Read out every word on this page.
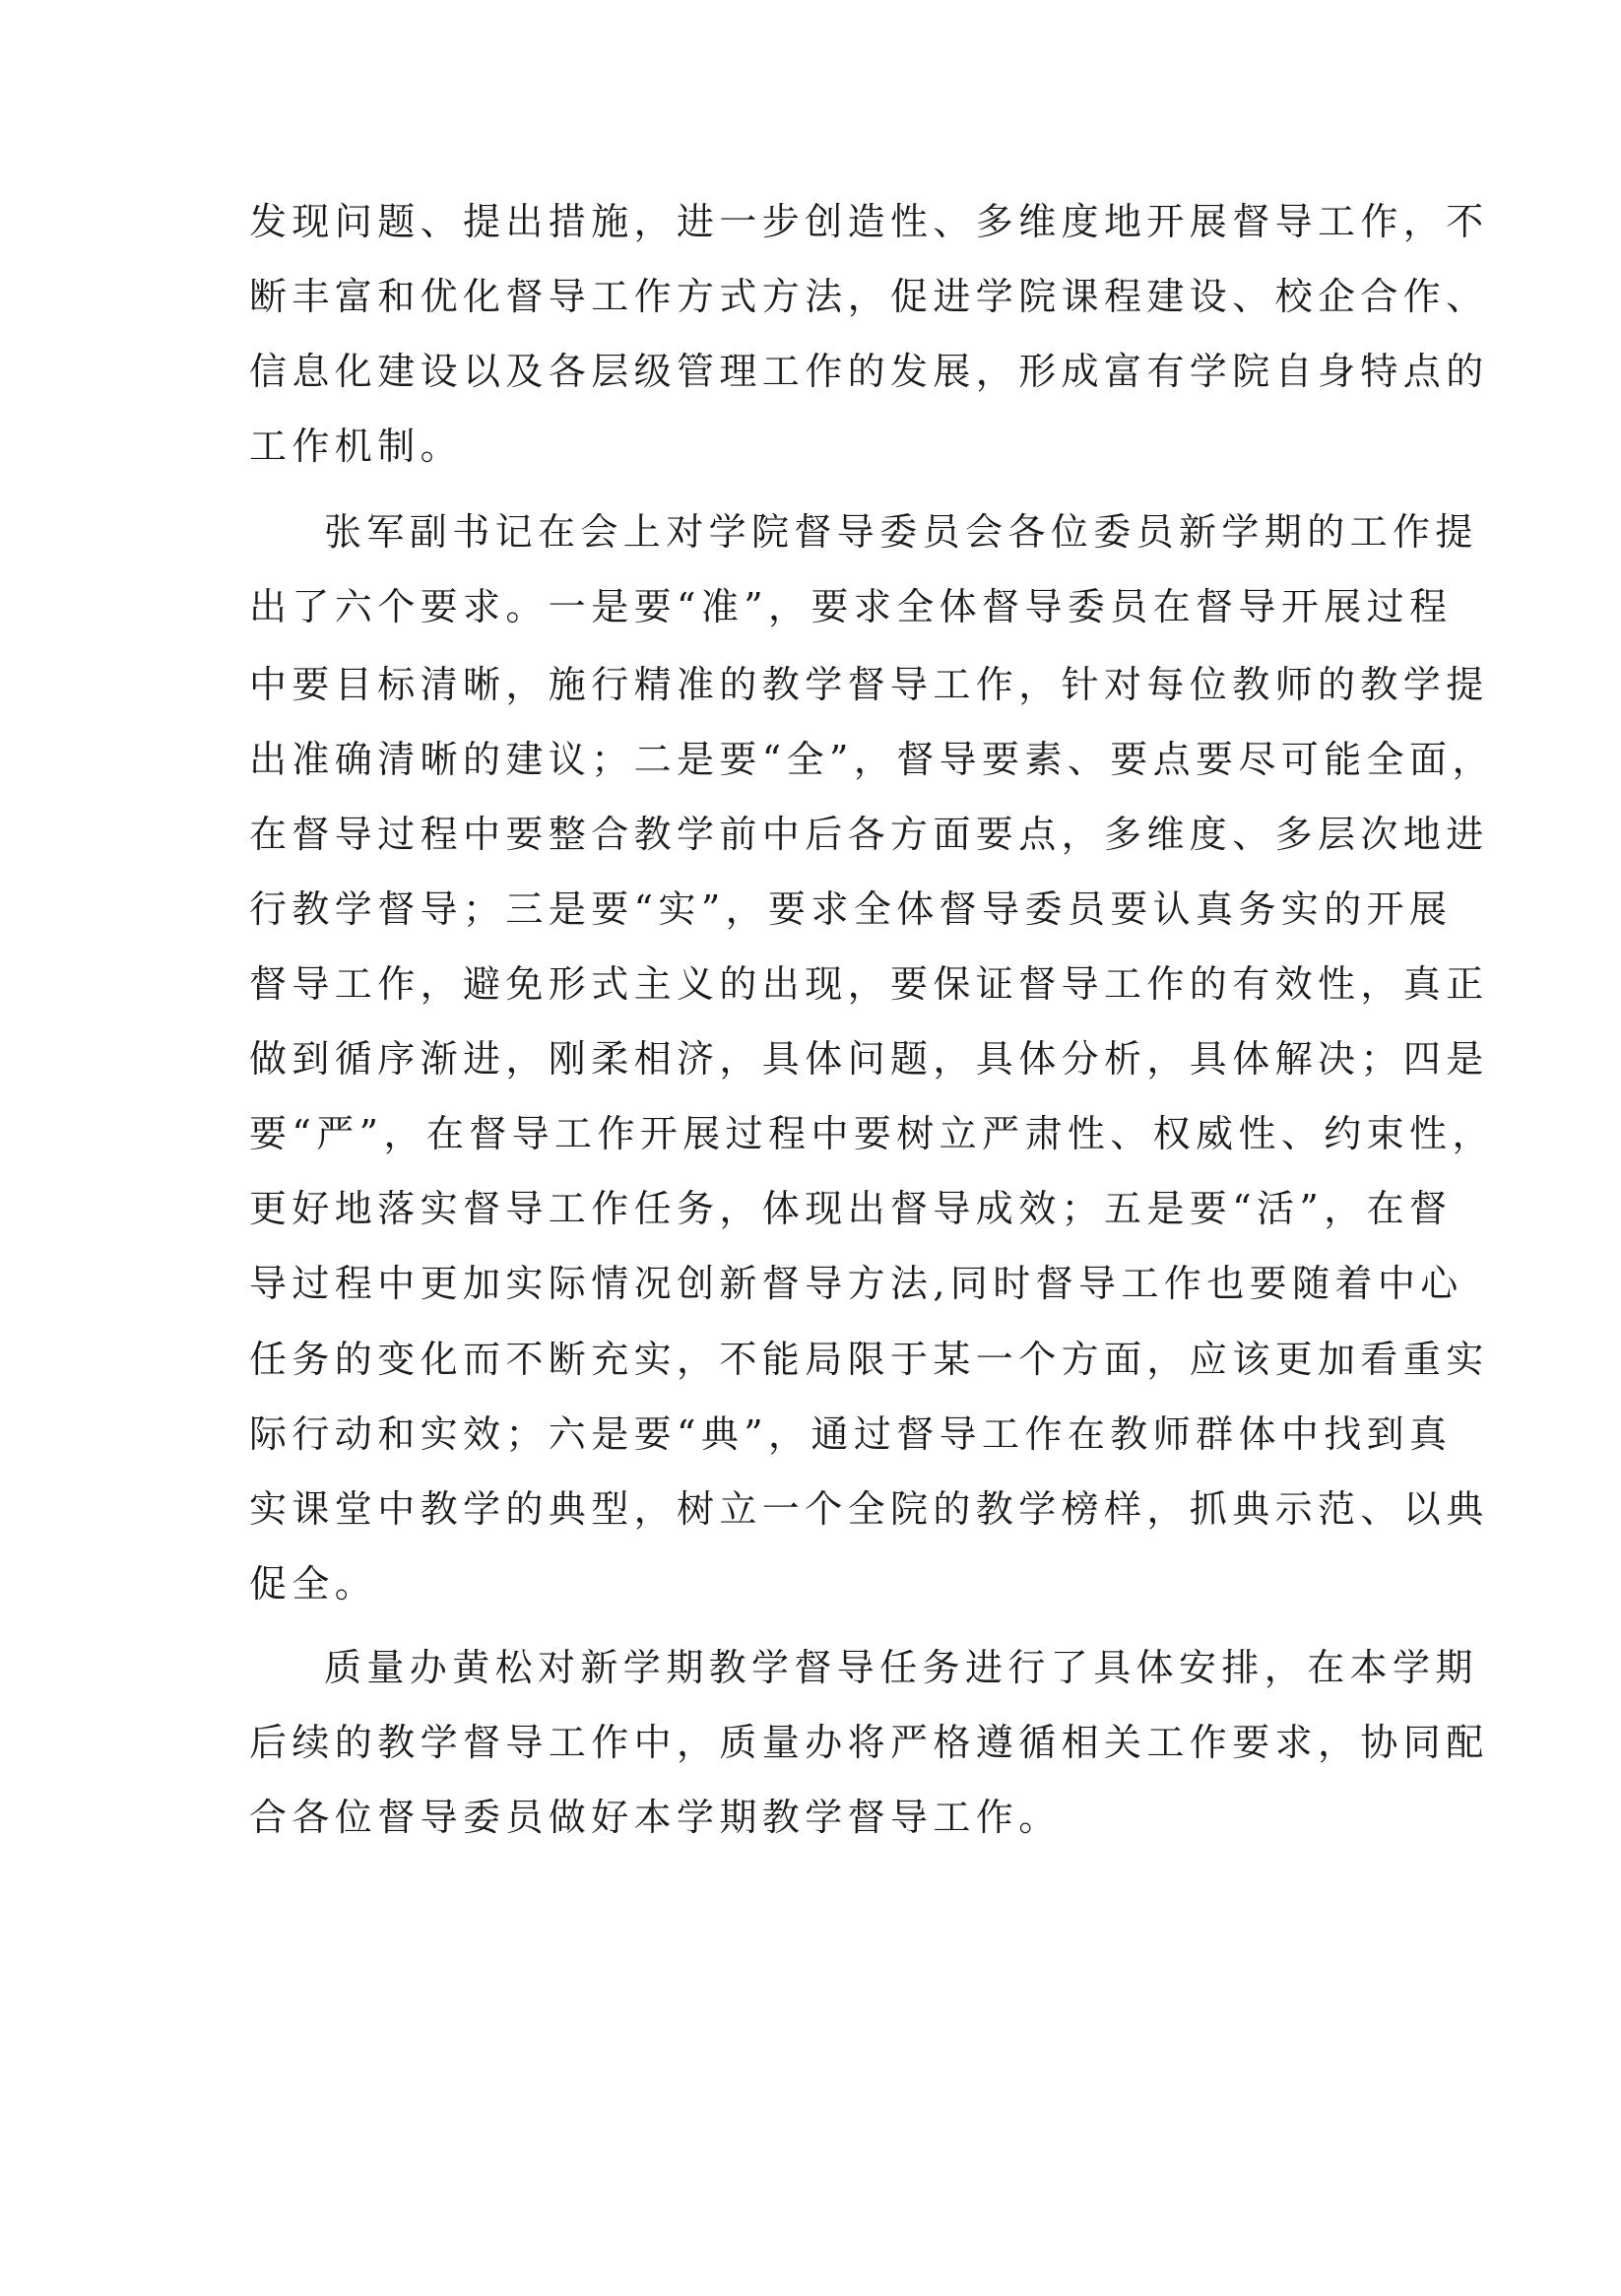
发现问题、提出措施，进一步创造性、多维度地开展督导工作，不
断丰富和优化督导工作方式方法，促进学院课程建设、校企合作、
信息化建设以及各层级管理工作的发展，形成富有学院自身特点的
工作机制。
张军副书记在会上对学院督导委员会各位委员新学期的工作提
出了六个要求。一是要“准”，要求全体督导委员在督导开展过程
中要目标清晰，施行精准的教学督导工作，针对每位教师的教学提
出准确清晰的建议；二是要“全”，督导要素、要点要尽可能全面，
在督导过程中要整合教学前中后各方面要点，多维度、多层次地进
行教学督导；三是要“实”，要求全体督导委员要认真务实的开展
督导工作，避免形式主义的出现，要保证督导工作的有效性，真正
做到循序渐进，刚柔相济，具体问题，具体分析，具体解决；四是
要“严”，在督导工作开展过程中要树立严肃性、权威性、约束性，
更好地落实督导工作任务，体现出督导成效；五是要“活”，在督
导过程中更加实际情况创新督导方法,同时督导工作也要随着中心
任务的变化而不断充实，不能局限于某一个方面，应该更加看重实
际行动和实效；六是要“典”，通过督导工作在教师群体中找到真
实课堂中教学的典型，树立一个全院的教学榜样，抓典示范、以典
促全。
质量办黄松对新学期教学督导任务进行了具体安排，在本学期
后续的教学督导工作中，质量办将严格遵循相关工作要求，协同配
合各位督导委员做好本学期教学督导工作。
